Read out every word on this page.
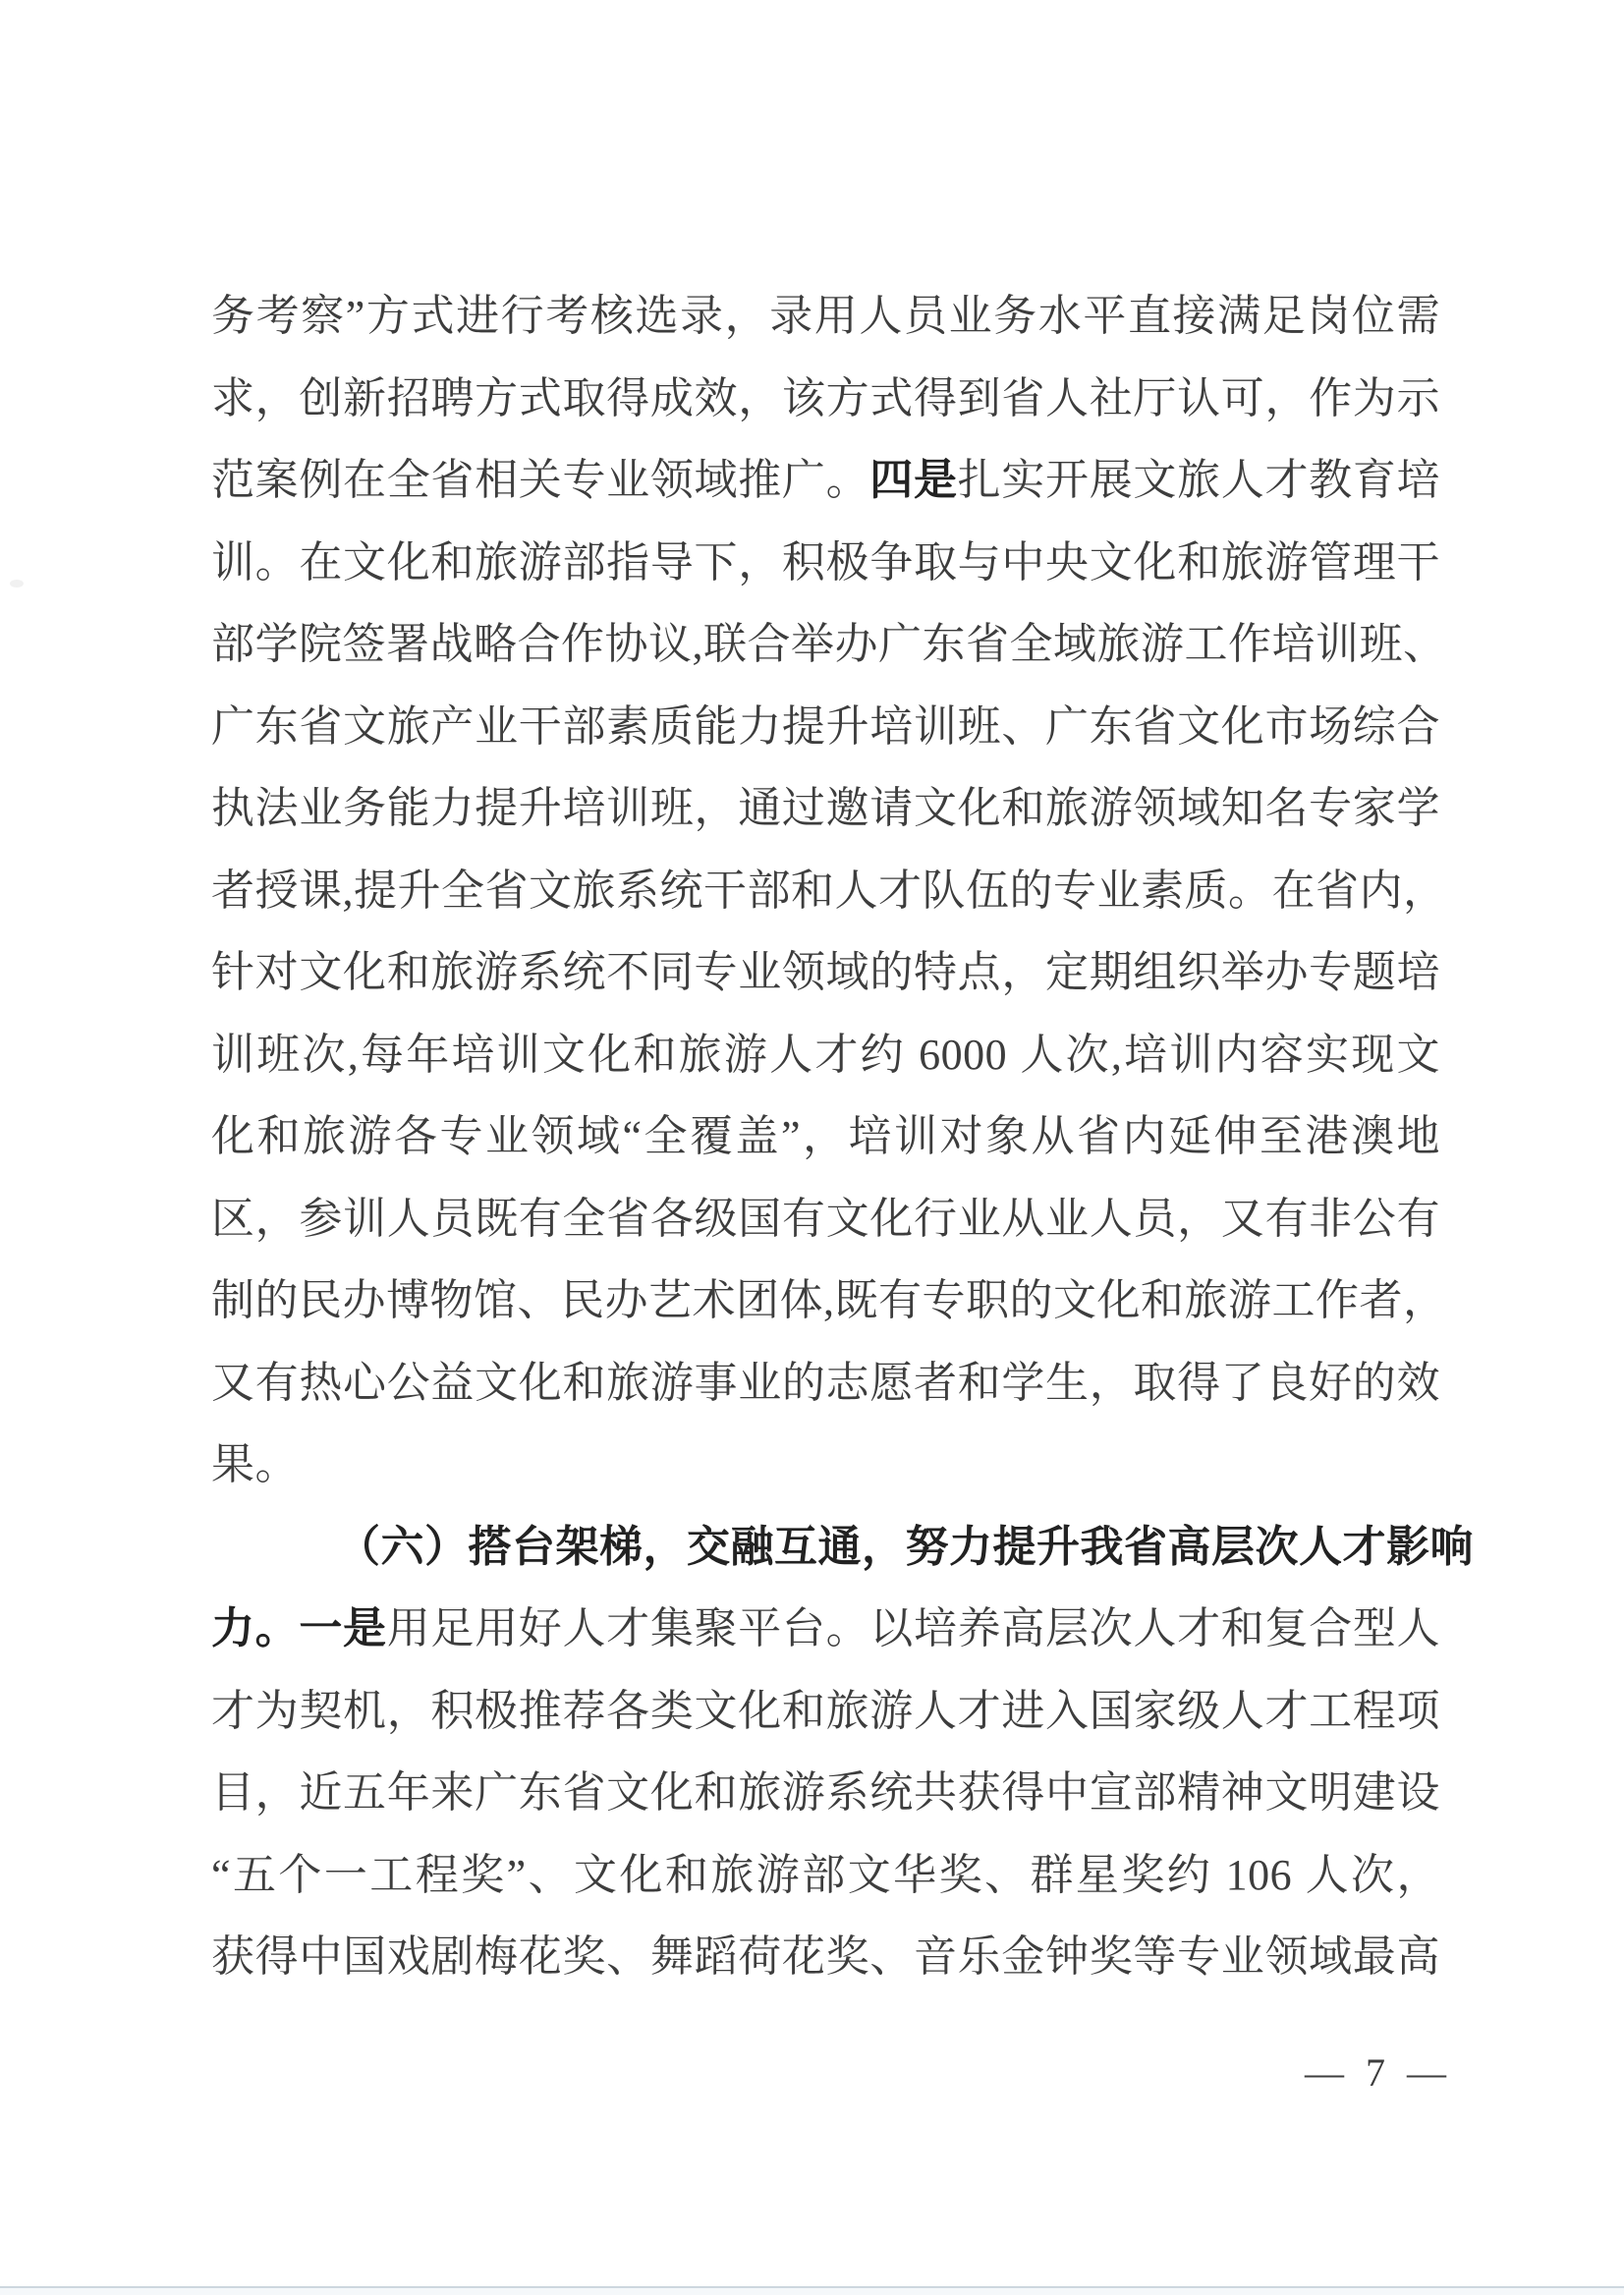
务考察”方式进行考核选录，录用人员业务水平直接满足岗位需
求，创新招聘方式取得成效，该方式得到省人社厅认可，作为示
范案例在全省相关专业领域推广。四是扎实开展文旅人才教育培
训。在文化和旅游部指导下，积极争取与中央文化和旅游管理干
部学院签署战略合作协议,联合举办广东省全域旅游工作培训班、
广东省文旅产业干部素质能力提升培训班、广东省文化市场综合
执法业务能力提升培训班，通过邀请文化和旅游领域知名专家学
者授课,提升全省文旅系统干部和人才队伍的专业素质。在省内，
针对文化和旅游系统不同专业领域的特点，定期组织举办专题培
训班次,每年培训文化和旅游人才约 6000 人次,培训内容实现文
化和旅游各专业领域“全覆盖”，培训对象从省内延伸至港澳地
区，参训人员既有全省各级国有文化行业从业人员，又有非公有
制的民办博物馆、民办艺术团体,既有专职的文化和旅游工作者，
又有热心公益文化和旅游事业的志愿者和学生，取得了良好的效
果。
（六）搭台架梯，交融互通，努力提升我省高层次人才影响
力。一是用足用好人才集聚平台。以培养高层次人才和复合型人
才为契机，积极推荐各类文化和旅游人才进入国家级人才工程项
目，近五年来广东省文化和旅游系统共获得中宣部精神文明建设
“五个一工程奖”、文化和旅游部文华奖、群星奖约 106 人次，
获得中国戏剧梅花奖、舞蹈荷花奖、音乐金钟奖等专业领域最高
— 7 —
